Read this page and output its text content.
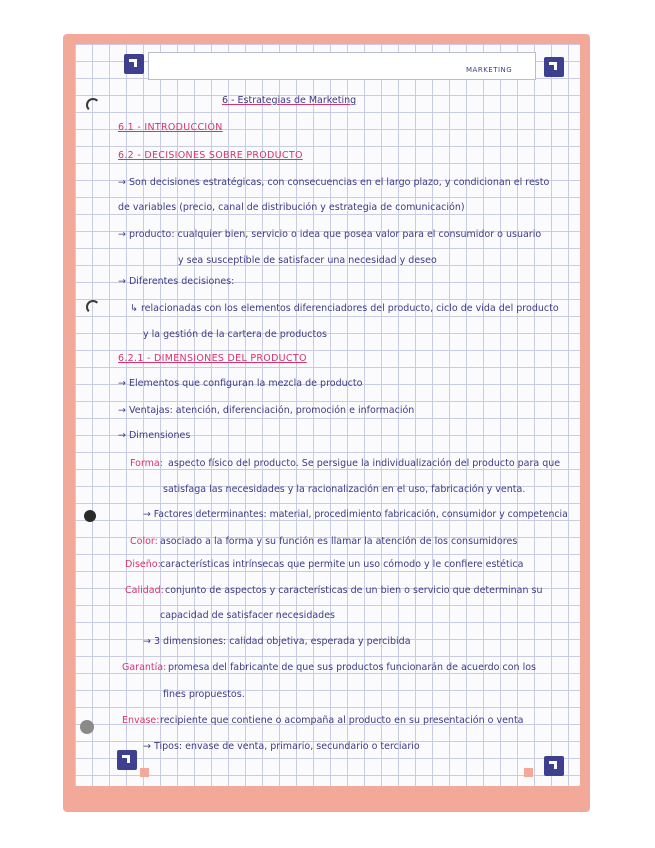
MARKETING
6 - Estrategias de Marketing
6.1 - INTRODUCCIÓN
6.2 - DECISIONES SOBRE PRODUCTO
→ Son decisiones estratégicas, con consecuencias en el largo plazo, y condicionan el resto
de variables (precio, canal de distribución y estrategia de comunicación)
→ producto: cualquier bien, servicio o idea que posea valor para el consumidor o usuario
y sea susceptible de satisfacer una necesidad y deseo
→ Diferentes decisiones:
↳ relacionadas con los elementos diferenciadores del producto, ciclo de vida del producto
y la gestión de la cartera de productos
6.2.1 - DIMENSIONES DEL PRODUCTO
→ Elementos que configuran la mezcla de producto
→ Ventajas: atención, diferenciación, promoción e información
→ Dimensiones
Forma: aspecto físico del producto. Se persigue la individualización del producto para que
satisfaga las necesidades y la racionalización en el uso, fabricación y venta.
→ Factores determinantes: material, procedimiento fabricación, consumidor y competencia
Color: asociado a la forma y su función es llamar la atención de los consumidores
Diseño: características intrínsecas que permite un uso cómodo y le confiere estética
Calidad: conjunto de aspectos y características de un bien o servicio que determinan su
capacidad de satisfacer necesidades
→ 3 dimensiones: calidad objetiva, esperada y percibida
Garantía: promesa del fabricante de que sus productos funcionarán de acuerdo con los
fines propuestos.
Envase: recipiente que contiene o acompaña al producto en su presentación o venta
→ Tipos: envase de venta, primario, secundario o terciario
